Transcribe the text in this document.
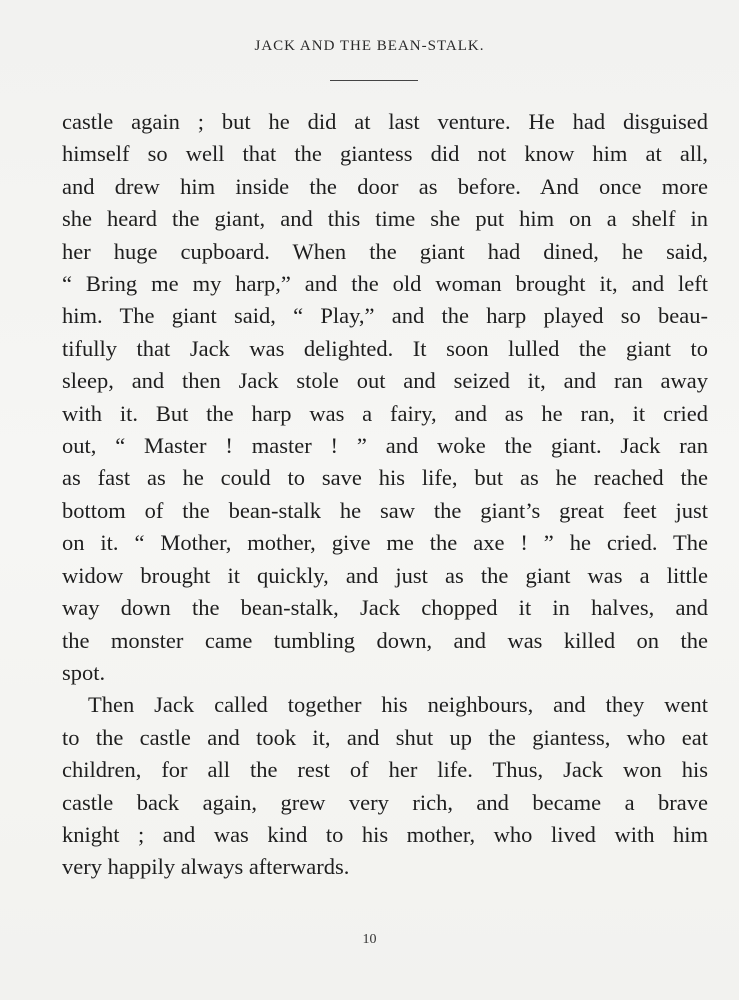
JACK AND THE BEAN-STALK.
castle again ; but he did at last venture. He had disguised
himself so well that the giantess did not know him at all,
and drew him inside the door as before. And once more
she heard the giant, and this time she put him on a shelf in
her huge cupboard. When the giant had dined, he said,
“ Bring me my harp,” and the old woman brought it, and left
him. The giant said, “ Play,” and the harp played so beau-
tifully that Jack was delighted. It soon lulled the giant to
sleep, and then Jack stole out and seized it, and ran away
with it. But the harp was a fairy, and as he ran, it cried
out, “ Master ! master ! ” and woke the giant. Jack ran
as fast as he could to save his life, but as he reached the
bottom of the bean-stalk he saw the giant’s great feet just
on it. “ Mother, mother, give me the axe ! ” he cried. The
widow brought it quickly, and just as the giant was a little
way down the bean-stalk, Jack chopped it in halves, and
the monster came tumbling down, and was killed on the
spot.
Then Jack called together his neighbours, and they went
to the castle and took it, and shut up the giantess, who eat
children, for all the rest of her life. Thus, Jack won his
castle back again, grew very rich, and became a brave
knight ; and was kind to his mother, who lived with him
very happily always afterwards.
10
